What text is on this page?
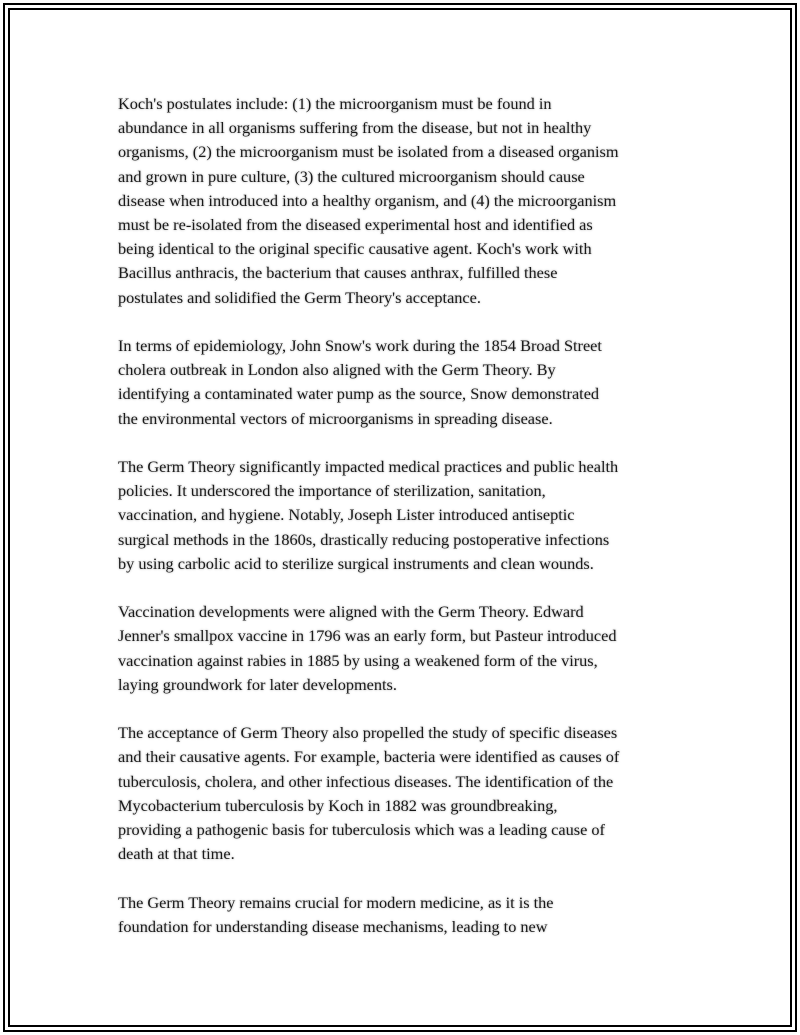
Koch's postulates include: (1) the microorganism must be found in
abundance in all organisms suffering from the disease, but not in healthy
organisms, (2) the microorganism must be isolated from a diseased organism
and grown in pure culture, (3) the cultured microorganism should cause
disease when introduced into a healthy organism, and (4) the microorganism
must be re-isolated from the diseased experimental host and identified as
being identical to the original specific causative agent. Koch's work with
Bacillus anthracis, the bacterium that causes anthrax, fulfilled these
postulates and solidified the Germ Theory's acceptance.

In terms of epidemiology, John Snow's work during the 1854 Broad Street
cholera outbreak in London also aligned with the Germ Theory. By
identifying a contaminated water pump as the source, Snow demonstrated
the environmental vectors of microorganisms in spreading disease.

The Germ Theory significantly impacted medical practices and public health
policies. It underscored the importance of sterilization, sanitation,
vaccination, and hygiene. Notably, Joseph Lister introduced antiseptic
surgical methods in the 1860s, drastically reducing postoperative infections
by using carbolic acid to sterilize surgical instruments and clean wounds.

Vaccination developments were aligned with the Germ Theory. Edward
Jenner's smallpox vaccine in 1796 was an early form, but Pasteur introduced
vaccination against rabies in 1885 by using a weakened form of the virus,
laying groundwork for later developments.

The acceptance of Germ Theory also propelled the study of specific diseases
and their causative agents. For example, bacteria were identified as causes of
tuberculosis, cholera, and other infectious diseases. The identification of the
Mycobacterium tuberculosis by Koch in 1882 was groundbreaking,
providing a pathogenic basis for tuberculosis which was a leading cause of
death at that time.

The Germ Theory remains crucial for modern medicine, as it is the
foundation for understanding disease mechanisms, leading to new
